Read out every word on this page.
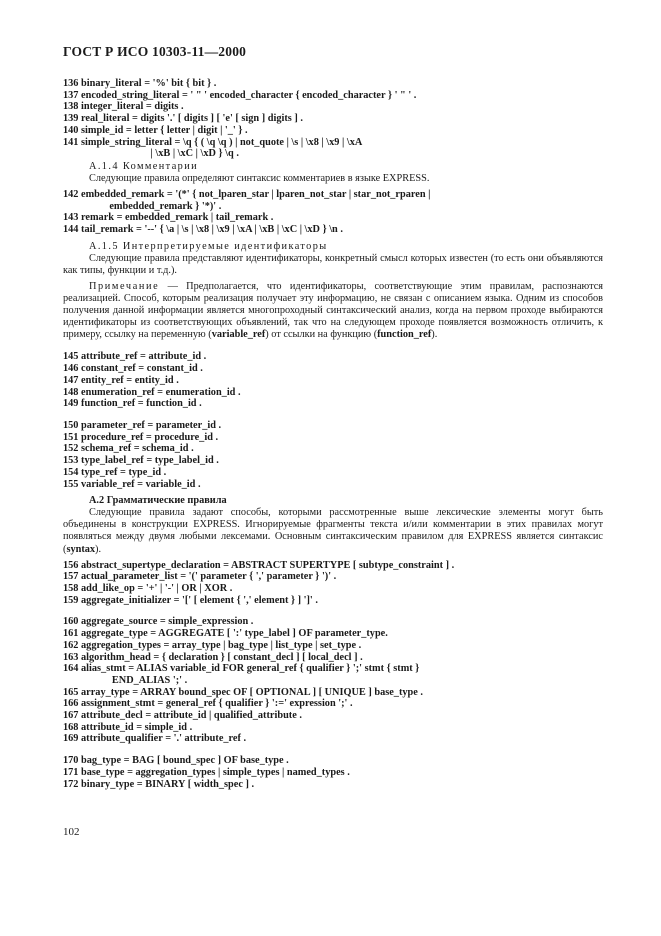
ГОСТ Р ИСО 10303-11—2000
136 binary_literal = '%' bit { bit } .
137 encoded_string_literal = ' " ' encoded_character { encoded_character } ' " ' .
138 integer_literal = digits .
139 real_literal = digits '.' [ digits ] [ 'e' [ sign ] digits ] .
140 simple_id = letter { letter | digit | '_' } .
141 simple_string_literal = \q { ( \q \q ) | not_quote | \s | \x8 | \x9 | \xA
| \xB | \xC | \xD } \q .
А.1.4 Комментарии
Следующие правила определяют синтаксис комментариев в языке EXPRESS.
142 embedded_remark = '(*' { not_lparen_star | lparen_not_star | star_not_rparen |
embedded_remark } '*)' .
143 remark = embedded_remark | tail_remark .
144 tail_remark = '--' { \a | \s | \x8 | \x9 | \xA | \xB | \xC | \xD } \n .
А.1.5 Интерпретируемые идентификаторы
Следующие правила представляют идентификаторы, конкретный смысл которых известен (то есть они объявляются как типы, функции и т.д.).
Примечание — Предполагается, что идентификаторы, соответствующие этим правилам, распознаются реализацией. Способ, которым реализация получает эту информацию, не связан с описанием языка. Одним из способов получения данной информации является многопроходный синтаксический анализ, когда на первом проходе выбираются идентификаторы из соответствующих объявлений, так что на следующем проходе появляется возможность отличить, к примеру, ссылку на переменную (variable_ref) от ссылки на функцию (function_ref).
145 attribute_ref = attribute_id .
146 constant_ref = constant_id .
147 entity_ref = entity_id .
148 enumeration_ref = enumeration_id .
149 function_ref = function_id .
150 parameter_ref = parameter_id .
151 procedure_ref = procedure_id .
152 schema_ref = schema_id .
153 type_label_ref = type_label_id .
154 type_ref = type_id .
155 variable_ref = variable_id .
А.2 Грамматические правила
Следующие правила задают способы, которыми рассмотренные выше лексические элементы могут быть объединены в конструкции EXPRESS. Игнорируемые фрагменты текста и/или комментарии в этих правилах могут появляться между двумя любыми лексемами. Основным синтаксическим правилом для EXPRESS является синтаксис (syntax).
156 abstract_supertype_declaration = ABSTRACT SUPERTYPE [ subtype_constraint ] .
157 actual_parameter_list = '(' parameter { ',' parameter } ')' .
158 add_like_op = '+' | '-' | OR | XOR .
159 aggregate_initializer = '[' [ element { ',' element } ] ']' .
160 aggregate_source = simple_expression .
161 aggregate_type = AGGREGATE [ ':' type_label ] OF parameter_type.
162 aggregation_types = array_type | bag_type | list_type | set_type .
163 algorithm_head = { declaration } [ constant_decl ] [ local_decl ] .
164 alias_stmt = ALIAS variable_id FOR general_ref { qualifier } ';' stmt { stmt }
END_ALIAS ';' .
165 array_type = ARRAY bound_spec OF [ OPTIONAL ] [ UNIQUE ] base_type .
166 assignment_stmt = general_ref { qualifier } ':=' expression ';' .
167 attribute_decl = attribute_id | qualified_attribute .
168 attribute_id = simple_id .
169 attribute_qualifier = '.' attribute_ref .
170 bag_type = BAG [ bound_spec ] OF base_type .
171 base_type = aggregation_types | simple_types | named_types .
172 binary_type = BINARY [ width_spec ] .
102
